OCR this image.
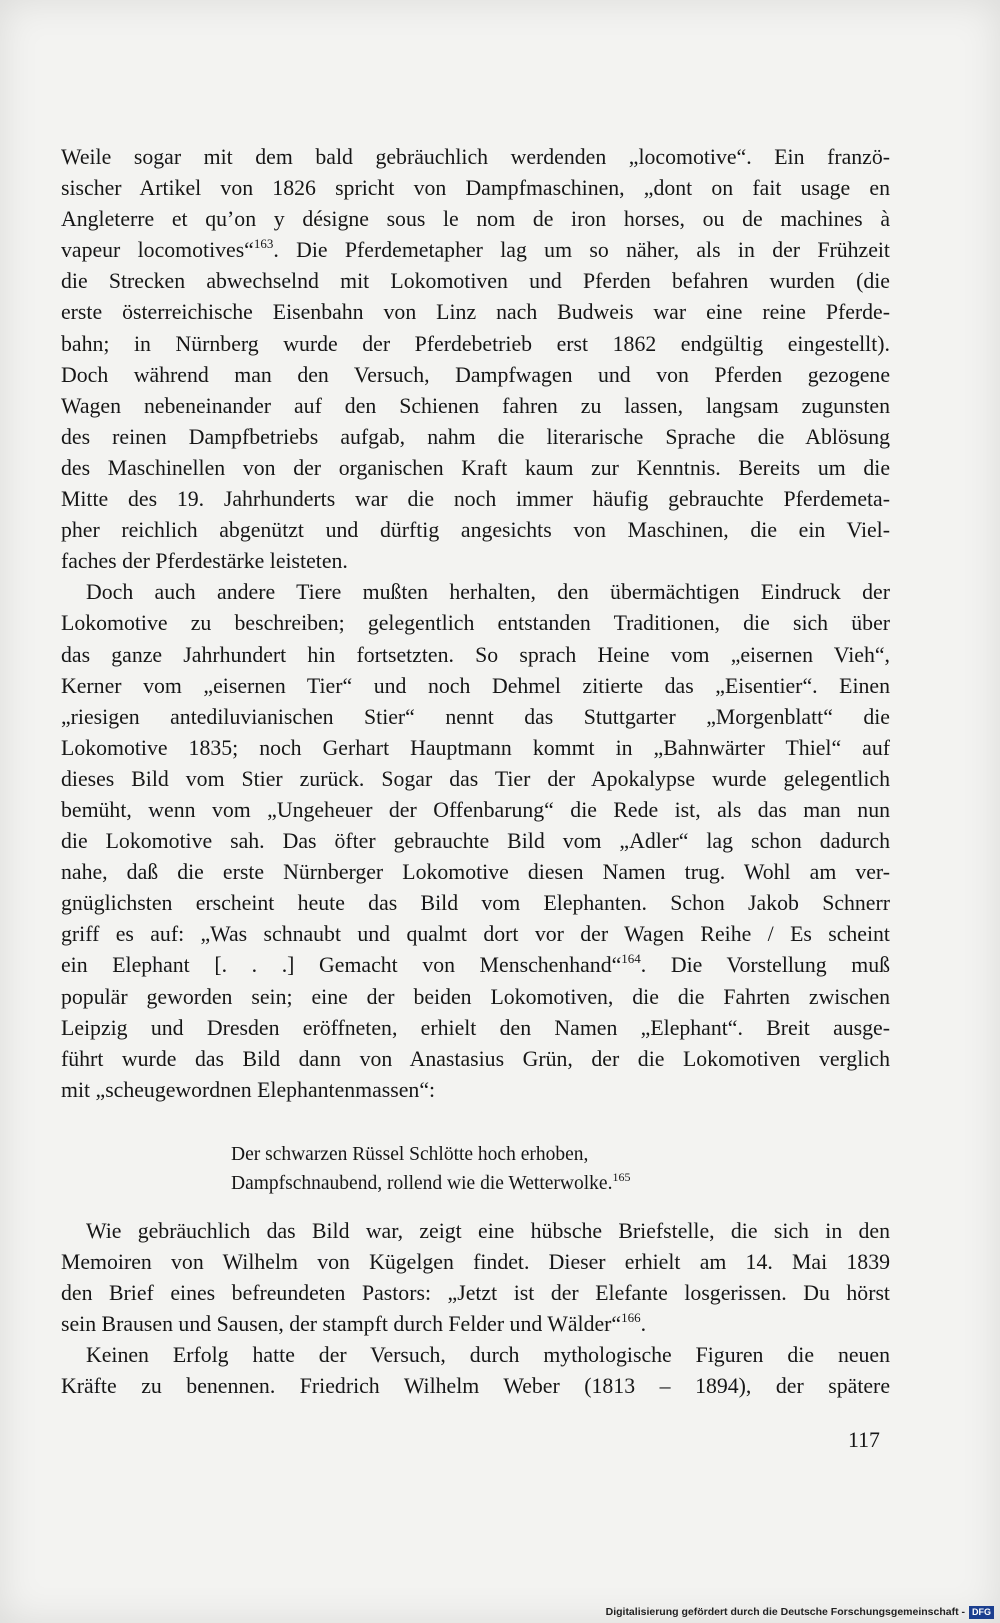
Weile sogar mit dem bald gebräuchlich werdenden „locomotive“. Ein franzö-
sischer Artikel von 1826 spricht von Dampfmaschinen, „dont on fait usage en
Angleterre et qu’on y désigne sous le nom de iron horses, ou de machines à
vapeur locomotives“$^{163}$. Die Pferdemetapher lag um so näher, als in der Frühzeit
die Strecken abwechselnd mit Lokomotiven und Pferden befahren wurden (die
erste österreichische Eisenbahn von Linz nach Budweis war eine reine Pferde-
bahn; in Nürnberg wurde der Pferdebetrieb erst 1862 endgültig eingestellt).
Doch während man den Versuch, Dampfwagen und von Pferden gezogene
Wagen nebeneinander auf den Schienen fahren zu lassen, langsam zugunsten
des reinen Dampfbetriebs aufgab, nahm die literarische Sprache die Ablösung
des Maschinellen von der organischen Kraft kaum zur Kenntnis. Bereits um die
Mitte des 19. Jahrhunderts war die noch immer häufig gebrauchte Pferdemeta-
pher reichlich abgenützt und dürftig angesichts von Maschinen, die ein Viel-
faches der Pferdestärke leisteten.
Doch auch andere Tiere mußten herhalten, den übermächtigen Eindruck der
Lokomotive zu beschreiben; gelegentlich entstanden Traditionen, die sich über
das ganze Jahrhundert hin fortsetzten. So sprach Heine vom „eisernen Vieh“,
Kerner vom „eisernen Tier“ und noch Dehmel zitierte das „Eisentier“. Einen
„riesigen antediluvianischen Stier“ nennt das Stuttgarter „Morgenblatt“ die
Lokomotive 1835; noch Gerhart Hauptmann kommt in „Bahnwärter Thiel“ auf
dieses Bild vom Stier zurück. Sogar das Tier der Apokalypse wurde gelegentlich
bemüht, wenn vom „Ungeheuer der Offenbarung“ die Rede ist, als das man nun
die Lokomotive sah. Das öfter gebrauchte Bild vom „Adler“ lag schon dadurch
nahe, daß die erste Nürnberger Lokomotive diesen Namen trug. Wohl am ver-
gnüglichsten erscheint heute das Bild vom Elephanten. Schon Jakob Schnerr
griff es auf: „Was schnaubt und qualmt dort vor der Wagen Reihe / Es scheint
ein Elephant [. . .] Gemacht von Menschenhand“$^{164}$. Die Vorstellung muß
populär geworden sein; eine der beiden Lokomotiven, die die Fahrten zwischen
Leipzig und Dresden eröffneten, erhielt den Namen „Elephant“. Breit ausge-
führt wurde das Bild dann von Anastasius Grün, der die Lokomotiven verglich
mit „scheugewordnen Elephantenmassen“:
Der schwarzen Rüssel Schlötte hoch erhoben,
Dampfschnaubend, rollend wie die Wetterwolke.$^{165}$
Wie gebräuchlich das Bild war, zeigt eine hübsche Briefstelle, die sich in den
Memoiren von Wilhelm von Kügelgen findet. Dieser erhielt am 14. Mai 1839
den Brief eines befreundeten Pastors: „Jetzt ist der Elefante losgerissen. Du hörst
sein Brausen und Sausen, der stampft durch Felder und Wälder“$^{166}$.
Keinen Erfolg hatte der Versuch, durch mythologische Figuren die neuen
Kräfte zu benennen. Friedrich Wilhelm Weber (1813 – 1894), der spätere
117
Digitalisierung gefördert durch die Deutsche Forschungsgemeinschaft - DFG
